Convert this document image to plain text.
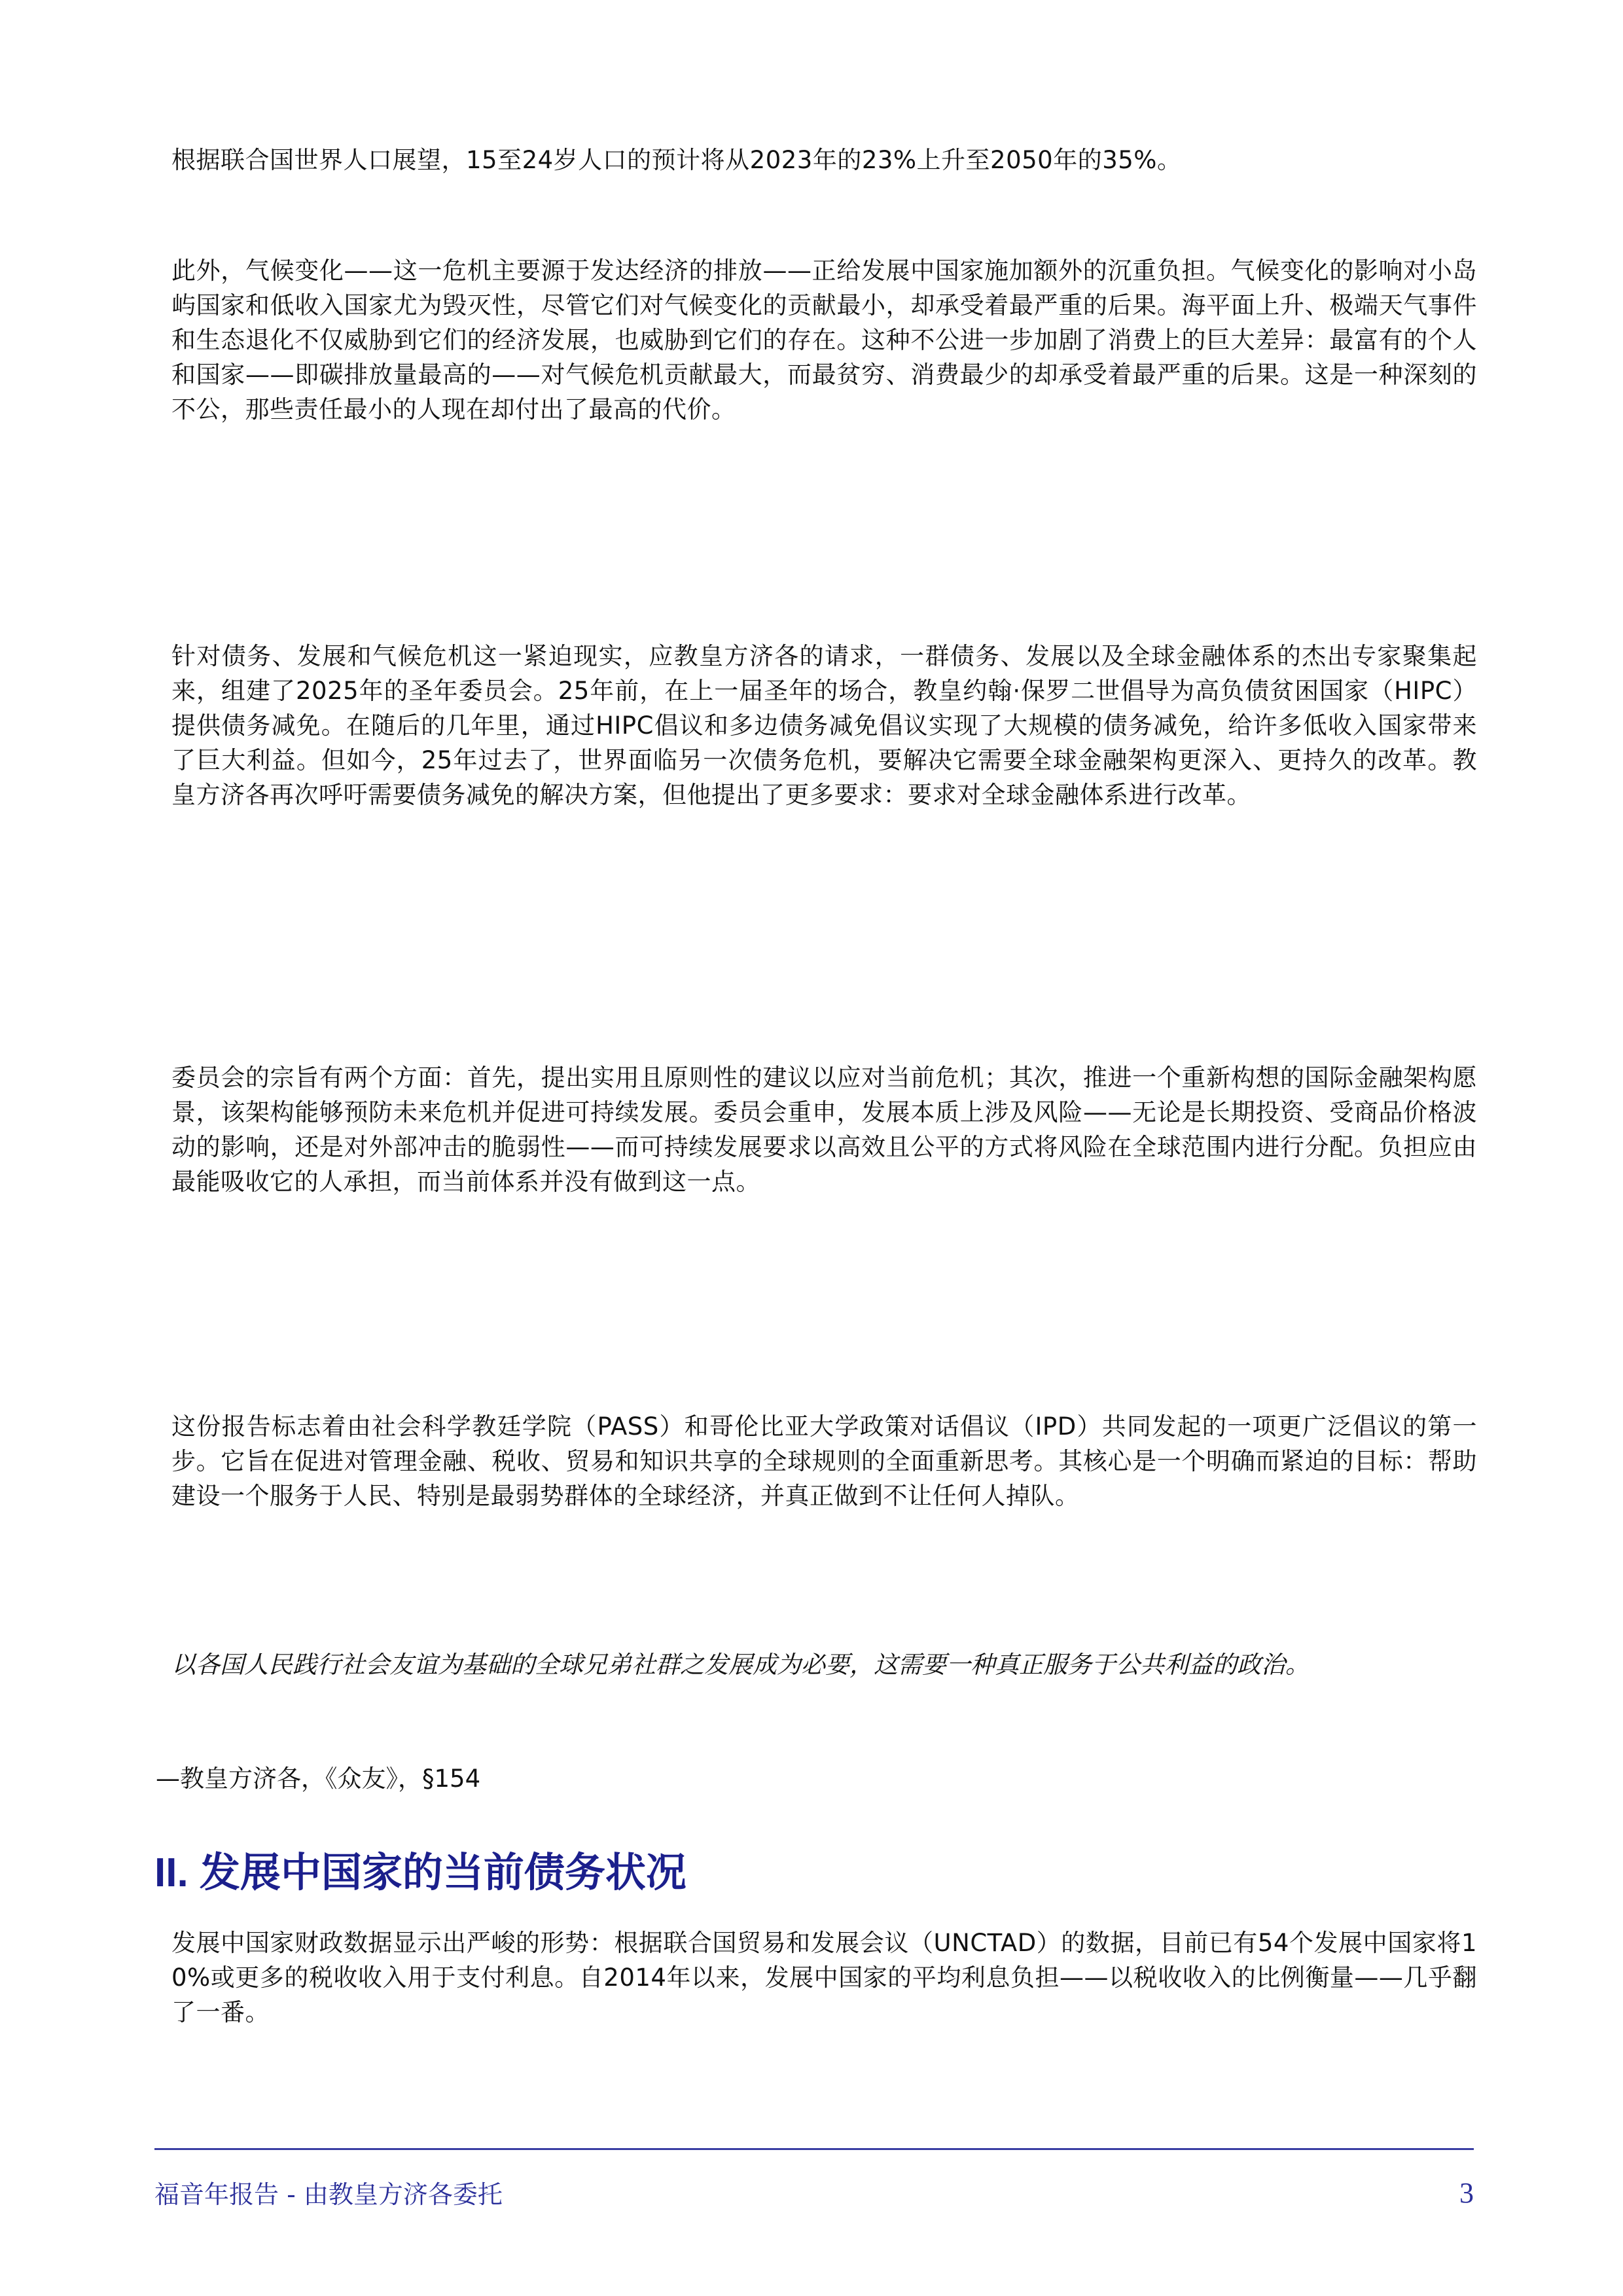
根据联合国世界人口展望，15至24岁人口的预计将从2023年的23%上升至2050年的35%。

此外，气候变化——这一危机主要源于发达经济的排放——正给发展中国家施加额外的沉重负担。气候变化的影响对小岛屿国家和低收入国家尤为毁灭性，尽管它们对气候变化的贡献最小，却承受着最严重的后果。海平面上升、极端天气事件和生态退化不仅威胁到它们的经济发展，也威胁到它们的存在。这种不公进一步加剧了消费上的巨大差异：最富有的个人和国家——即碳排放量最高的——对气候危机贡献最大，而最贫穷、消费最少的却承受着最严重的后果。这是一种深刻的不公，那些责任最小的人现在却付出了最高的代价。

针对债务、发展和气候危机这一紧迫现实，应教皇方济各的请求，一群债务、发展以及全球金融体系的杰出专家聚集起来，组建了2025年的圣年委员会。25年前，在上一届圣年的场合，教皇约翰·保罗二世倡导为高负债贫困国家（HIPC）提供债务减免。在随后的几年里，通过HIPC倡议和多边债务减免倡议实现了大规模的债务减免，给许多低收入国家带来了巨大利益。但如今，25年过去了，世界面临另一次债务危机，要解决它需要全球金融架构更深入、更持久的改革。教皇方济各再次呼吁需要债务减免的解决方案，但他提出了更多要求：要求对全球金融体系进行改革。

委员会的宗旨有两个方面：首先，提出实用且原则性的建议以应对当前危机；其次，推进一个重新构想的国际金融架构愿景，该架构能够预防未来危机并促进可持续发展。委员会重申，发展本质上涉及风险——无论是长期投资、受商品价格波动的影响，还是对外部冲击的脆弱性——而可持续发展要求以高效且公平的方式将风险在全球范围内进行分配。负担应由最能吸收它的人承担，而当前体系并没有做到这一点。

这份报告标志着由社会科学教廷学院（PASS）和哥伦比亚大学政策对话倡议（IPD）共同发起的一项更广泛倡议的第一步。它旨在促进对管理金融、税收、贸易和知识共享的全球规则的全面重新思考。其核心是一个明确而紧迫的目标：帮助建设一个服务于人民、特别是最弱势群体的全球经济，并真正做到不让任何人掉队。

以各国人民践行社会友谊为基础的全球兄弟社群之发展成为必要，这需要一种真正服务于公共利益的政治。

—教皇方济各，《众友》，§154

II. 发展中国家的当前债务状况

发展中国家财政数据显示出严峻的形势：根据联合国贸易和发展会议（UNCTAD）的数据，目前已有54个发展中国家将10%或更多的税收收入用于支付利息。自2014年以来，发展中国家的平均利息负担——以税收收入的比例衡量——几乎翻了一番。

福音年报告 - 由教皇方济各委托	3
